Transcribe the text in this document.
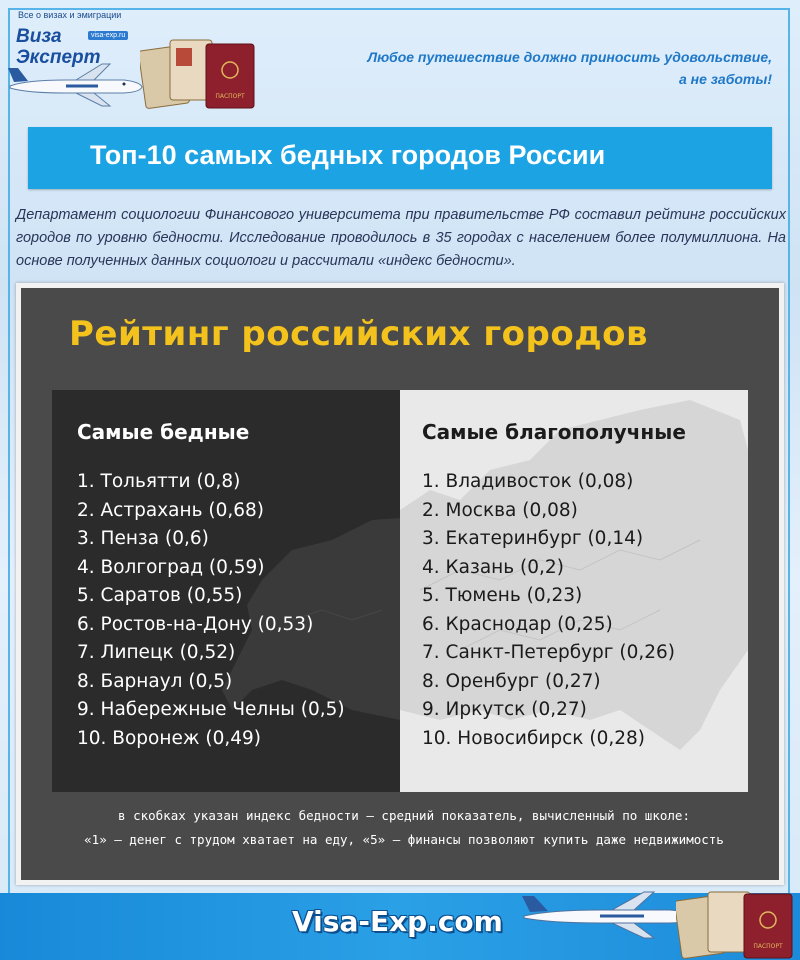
Все о визах и эмиграции
Виза
Эксперт
visa-exp.ru
ПАСПОРТ
Любое путешествие должно приносить удовольствие,
а не заботы!
Топ-10 самых бедных городов России
Департамент социологии Финансового университета при правительстве РФ составил рейтинг российских городов по уровню бедности. Исследование проводилось в 35 городах с населением более полумиллиона. На основе полученных данных социологи и рассчитали «индекс бедности».
Рейтинг российских городов
Самые бедные
1. Тольятти (0,8)
2. Астрахань (0,68)
3. Пенза (0,6)
4. Волгоград (0,59)
5. Саратов (0,55)
6. Ростов-на-Дону (0,53)
7. Липецк (0,52)
8. Барнаул (0,5)
9. Набережные Челны (0,5)
10. Воронеж (0,49)
Самые благополучные
1. Владивосток (0,08)
2. Москва (0,08)
3. Екатеринбург (0,14)
4. Казань (0,2)
5. Тюмень (0,23)
6. Краснодар (0,25)
7. Санкт-Петербург (0,26)
8. Оренбург (0,27)
9. Иркутск (0,27)
10. Новосибирск (0,28)
в скобках указан индекс бедности — средний показатель, вычисленный по школе:
«1» — денег с трудом хватает на еду, «5» — финансы позволяют купить даже недвижимость
Visa-Exp.com
ПАСПОРТ
